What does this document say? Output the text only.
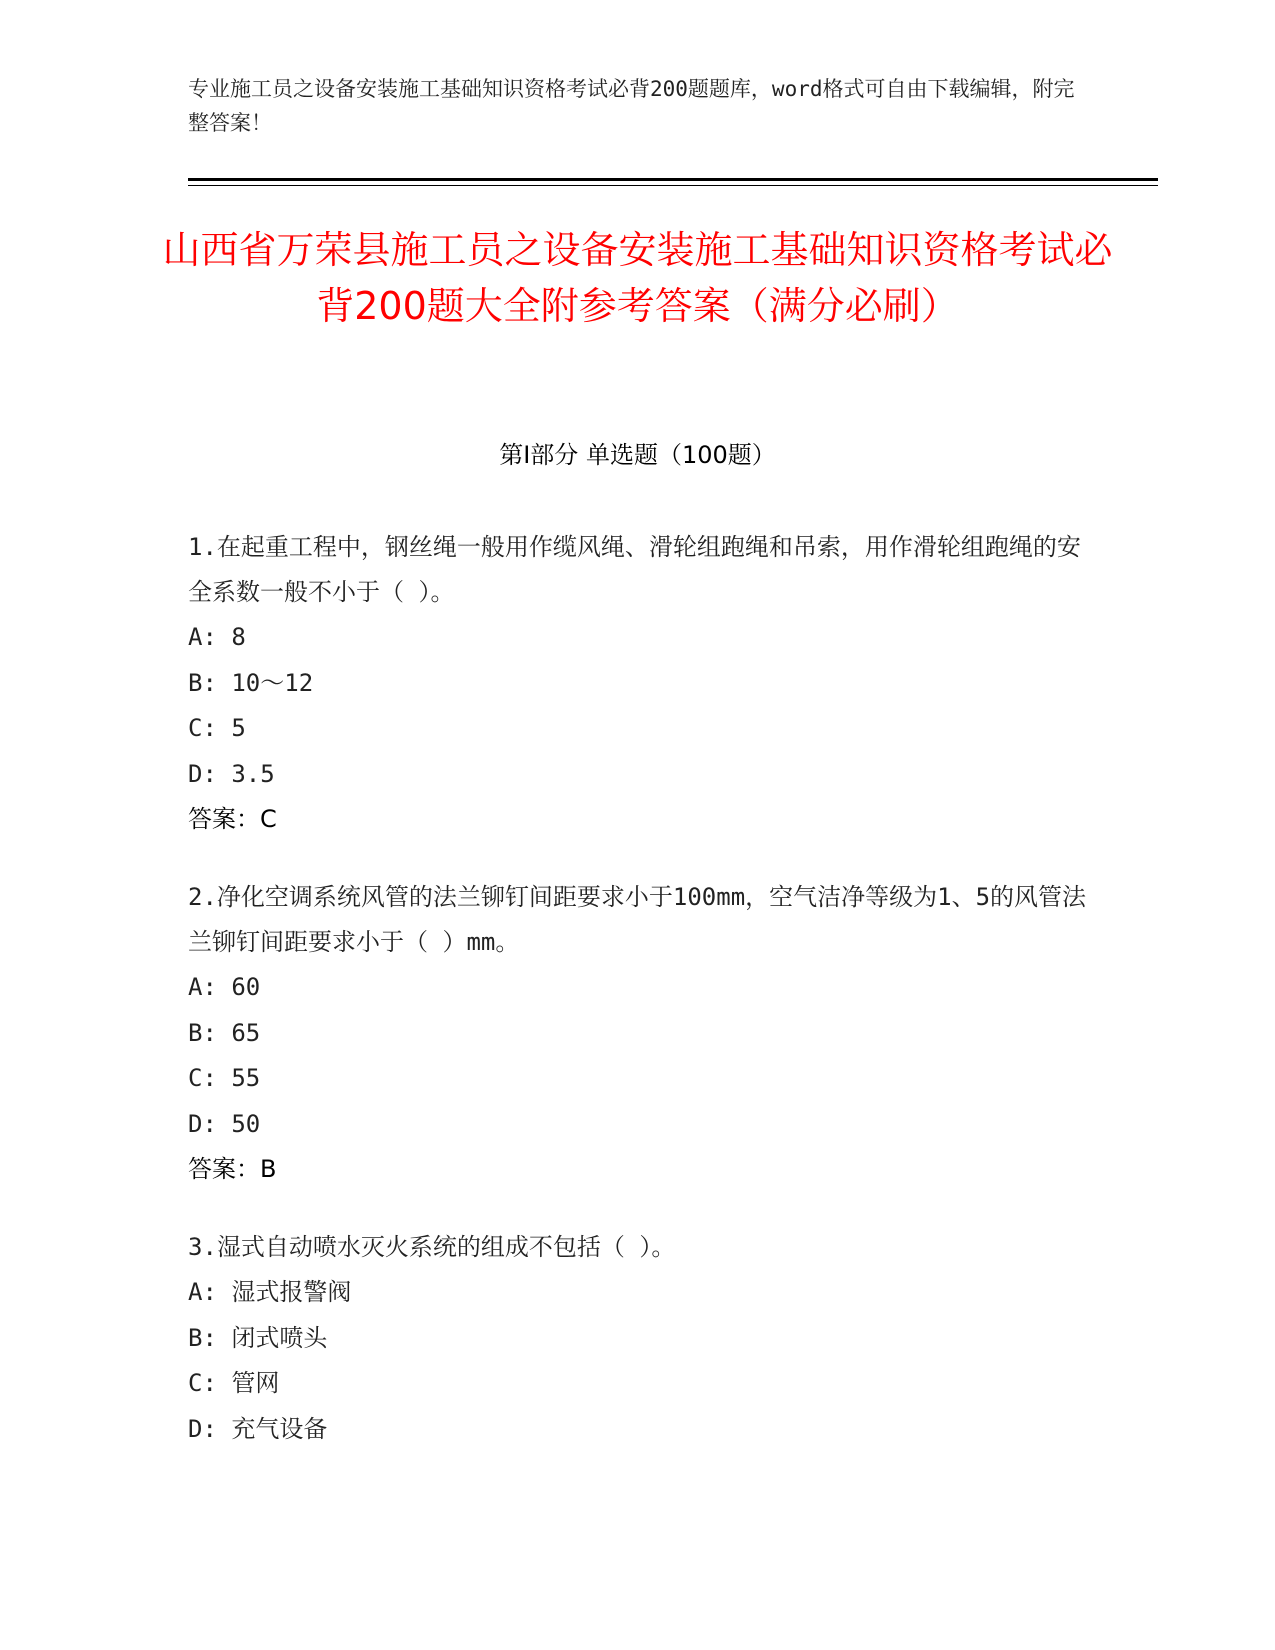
专业施工员之设备安装施工基础知识资格考试必背200题题库，word格式可自由下载编辑，附完整答案！
山西省万荣县施工员之设备安装施工基础知识资格考试必背200题大全附参考答案（满分必刷）
第I部分 单选题（100题）

1.在起重工程中，钢丝绳一般用作缆风绳、滑轮组跑绳和吊索，用作滑轮组跑绳的安全系数一般不小于（ ）。

A: 8

B: 10～12

C: 5

D: 3.5

答案：C

2.净化空调系统风管的法兰铆钉间距要求小于100mm，空气洁净等级为1、5的风管法兰铆钉间距要求小于（ ）mm。

A: 60

B: 65

C: 55

D: 50

答案：B

3.湿式自动喷水灭火系统的组成不包括（ ）。

A: 湿式报警阀

B: 闭式喷头

C: 管网

D: 充气设备
